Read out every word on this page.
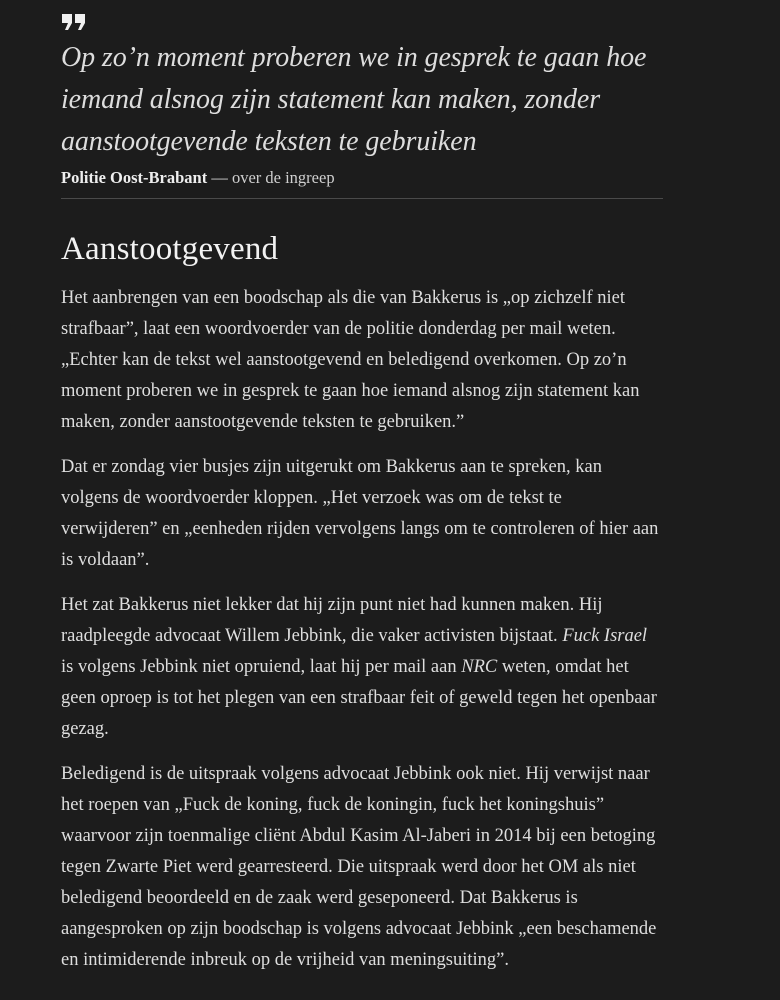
Op zo’n moment proberen we in gesprek te gaan hoe iemand alsnog zijn statement kan maken, zonder aanstootgevende teksten te gebruiken

Politie Oost-Brabant — over de ingreep
Aanstootgevend

Het aanbrengen van een boodschap als die van Bakkerus is „op zichzelf niet strafbaar”, laat een woordvoerder van de politie donderdag per mail weten. „Echter kan de tekst wel aanstootgevend en beledigend overkomen. Op zo’n moment proberen we in gesprek te gaan hoe iemand alsnog zijn statement kan maken, zonder aanstootgevende teksten te gebruiken.”

Dat er zondag vier busjes zijn uitgerukt om Bakkerus aan te spreken, kan volgens de woordvoerder kloppen. „Het verzoek was om de tekst te verwijderen” en „eenheden rijden vervolgens langs om te controleren of hier aan is voldaan”.

Het zat Bakkerus niet lekker dat hij zijn punt niet had kunnen maken. Hij raadpleegde advocaat Willem Jebbink, die vaker activisten bijstaat. Fuck Israel is volgens Jebbink niet opruiend, laat hij per mail aan NRC weten, omdat het geen oproep is tot het plegen van een strafbaar feit of geweld tegen het openbaar gezag.

Beledigend is de uitspraak volgens advocaat Jebbink ook niet. Hij verwijst naar het roepen van „Fuck de koning, fuck de koningin, fuck het koningshuis” waarvoor zijn toenmalige cliënt Abdul Kasim Al-Jaberi in 2014 bij een betoging tegen Zwarte Piet werd gearresteerd. Die uitspraak werd door het OM als niet beledigend beoordeeld en de zaak werd geseponeerd. Dat Bakkerus is aangesproken op zijn boodschap is volgens advocaat Jebbink „een beschamende en intimiderende inbreuk op de vrijheid van meningsuiting”.
